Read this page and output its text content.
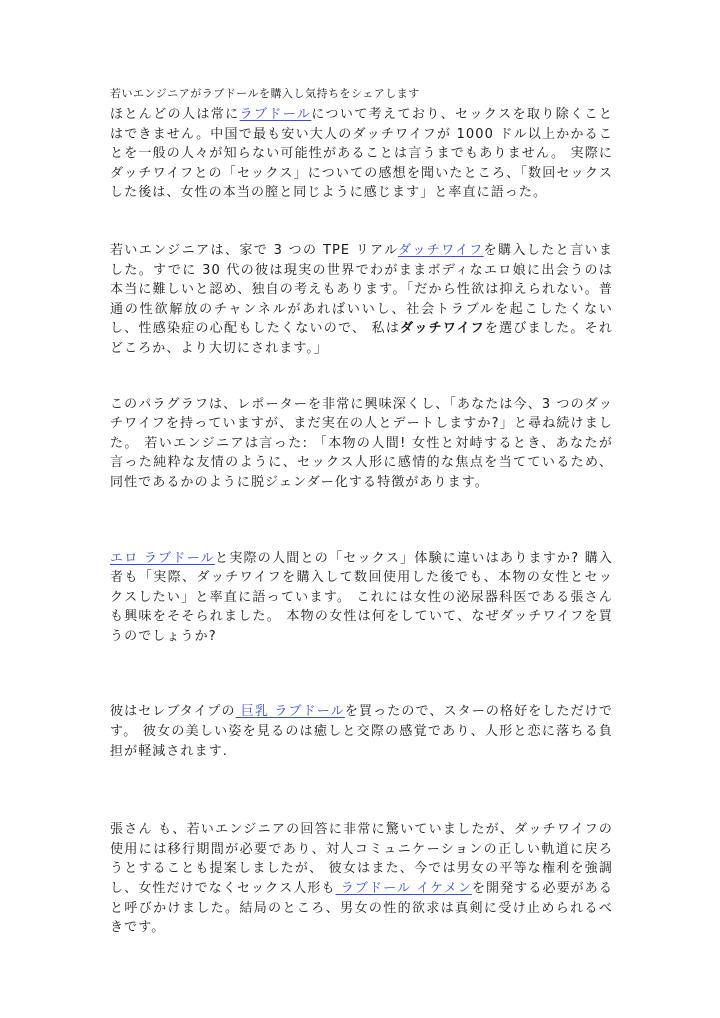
若いエンジニアがラブドールを購入し気持ちをシェアします

ほとんどの人は常にラブドールについて考えており、セックスを取り除くことはできません。中国で最も安い大人のダッチワイフが 1000 ドル以上かかることを一般の人々が知らない可能性があることは言うまでもありません。 実際にダッチワイフとの「セックス」についての感想を聞いたところ、「数回セックスした後は、女性の本当の膣と同じように感じます」と率直に語った。

若いエンジニアは、家で 3 つの TPE リアルダッチワイフを購入したと言いました。すでに 30 代の彼は現実の世界でわがままボディなエロ娘に出会うのは本当に難しいと認め、独自の考えもあります。「だから性欲は抑えられない。普通の性欲解放のチャンネルがあればいいし、社会トラブルを起こしたくないし、性感染症の心配もしたくないので、 私はダッチワイフを選びました。それどころか、より大切にされます。」

このパラグラフは、レポーターを非常に興味深くし、「あなたは今、3 つのダッチワイフを持っていますが、まだ実在の人とデートしますか?」と尋ね続けました。 若いエンジニアは言った: 「本物の人間! 女性と対峙するとき、あなたが言った純粋な友情のように、セックス人形に感情的な焦点を当てているため、同性であるかのように脱ジェンダー化する特徴があります。

エロ ラブドールと実際の人間との「セックス」体験に違いはありますか? 購入者も「実際、ダッチワイフを購入して数回使用した後でも、本物の女性とセックスしたい」と率直に語っています。 これには女性の泌尿器科医である張さんも興味をそそられました。 本物の女性は何をしていて、なぜダッチワイフを買うのでしょうか?

彼はセレブタイプの 巨乳 ラブドールを買ったので、スターの格好をしただけです。 彼女の美しい姿を見るのは癒しと交際の感覚であり、人形と恋に落ちる負担が軽減されます.

張さん も、若いエンジニアの回答に非常に驚いていましたが、ダッチワイフの使用には移行期間が必要であり、対人コミュニケーションの正しい軌道に戻ろうとすることも提案しましたが、 彼女はまた、今では男女の平等な権利を強調し、女性だけでなくセックス人形も ラブドール イケメンを開発する必要があると呼びかけました。結局のところ、男女の性的欲求は真剣に受け止められるべきです。
